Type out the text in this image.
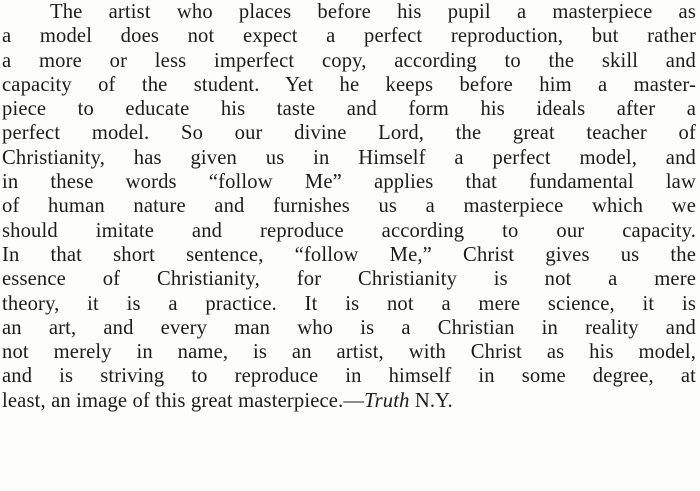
The artist who places before his pupil a masterpiece as
a model does not expect a perfect reproduction, but rather
a more or less imperfect copy, according to the skill and
capacity of the student. Yet he keeps before him a master-
piece to educate his taste and form his ideals after a
perfect model. So our divine Lord, the great teacher of
Christianity, has given us in Himself a perfect model, and
in these words “follow Me” applies that fundamental law
of human nature and furnishes us a masterpiece which we
should imitate and reproduce according to our capacity.
In that short sentence, “follow Me,” Christ gives us the
essence of Christianity, for Christianity is not a mere
theory, it is a practice. It is not a mere science, it is
an art, and every man who is a Christian in reality and
not merely in name, is an artist, with Christ as his model,
and is striving to reproduce in himself in some degree, at
least, an image of this great masterpiece.—Truth N.Y.
